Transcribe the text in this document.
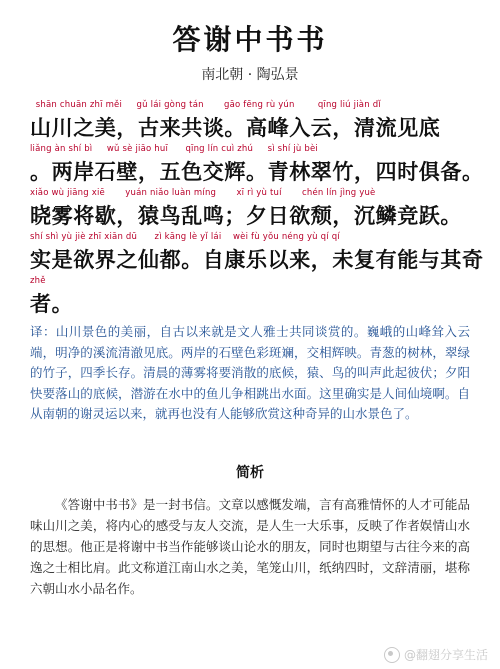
答谢中书书
南北朝 · 陶弘景
shān chuān zhī měi     gǔ lái gòng tán       gāo fēng rù yún        qīng liú jiàn dǐ
山川之美，古来共谈。高峰入云，清流见底
liǎng àn shí bì     wǔ sè jiāo huī      qīng lín cuì zhú     sì shí jù bèi
。两岸石壁，五色交辉。青林翠竹，四时俱备。
xiǎo wù jiāng xiē       yuán niǎo luàn míng       xī rì yù tuí       chén lín jìng yuè
晓雾将歇，猿鸟乱鸣；夕日欲颓，沉鳞竞跃。
shí shì yù jiè zhī xiān dū      zì kāng lè yǐ lái    wèi fù yǒu néng yù qí qí
实是欲界之仙都。自康乐以来，未复有能与其奇
zhě
者。
译：山川景色的美丽，自古以来就是文人雅士共同谈赏的。巍峨的山峰耸入云端，明净的溪流清澈见底。两岸的石壁色彩斑斓，交相辉映。青葱的树林，翠绿的竹子，四季长存。清晨的薄雾将要消散的底候，猿、鸟的叫声此起彼伏；夕阳快要落山的底候，潜游在水中的鱼儿争相跳出水面。这里确实是人间仙境啊。自从南朝的谢灵运以来，就再也没有人能够欣赏这种奇异的山水景色了。
简析
《答谢中书书》是一封书信。文章以感慨发端，言有高雅情怀的人才可能品味山川之美，将内心的感受与友人交流，是人生一大乐事，反映了作者娱情山水的思想。他正是将谢中书当作能够谈山论水的朋友，同时也期望与古往今来的高逸之士相比肩。此文称道江南山水之美，笔笼山川，纸纳四时，文辞清丽，堪称六朝山水小品名作。
@翻翅分享生活
